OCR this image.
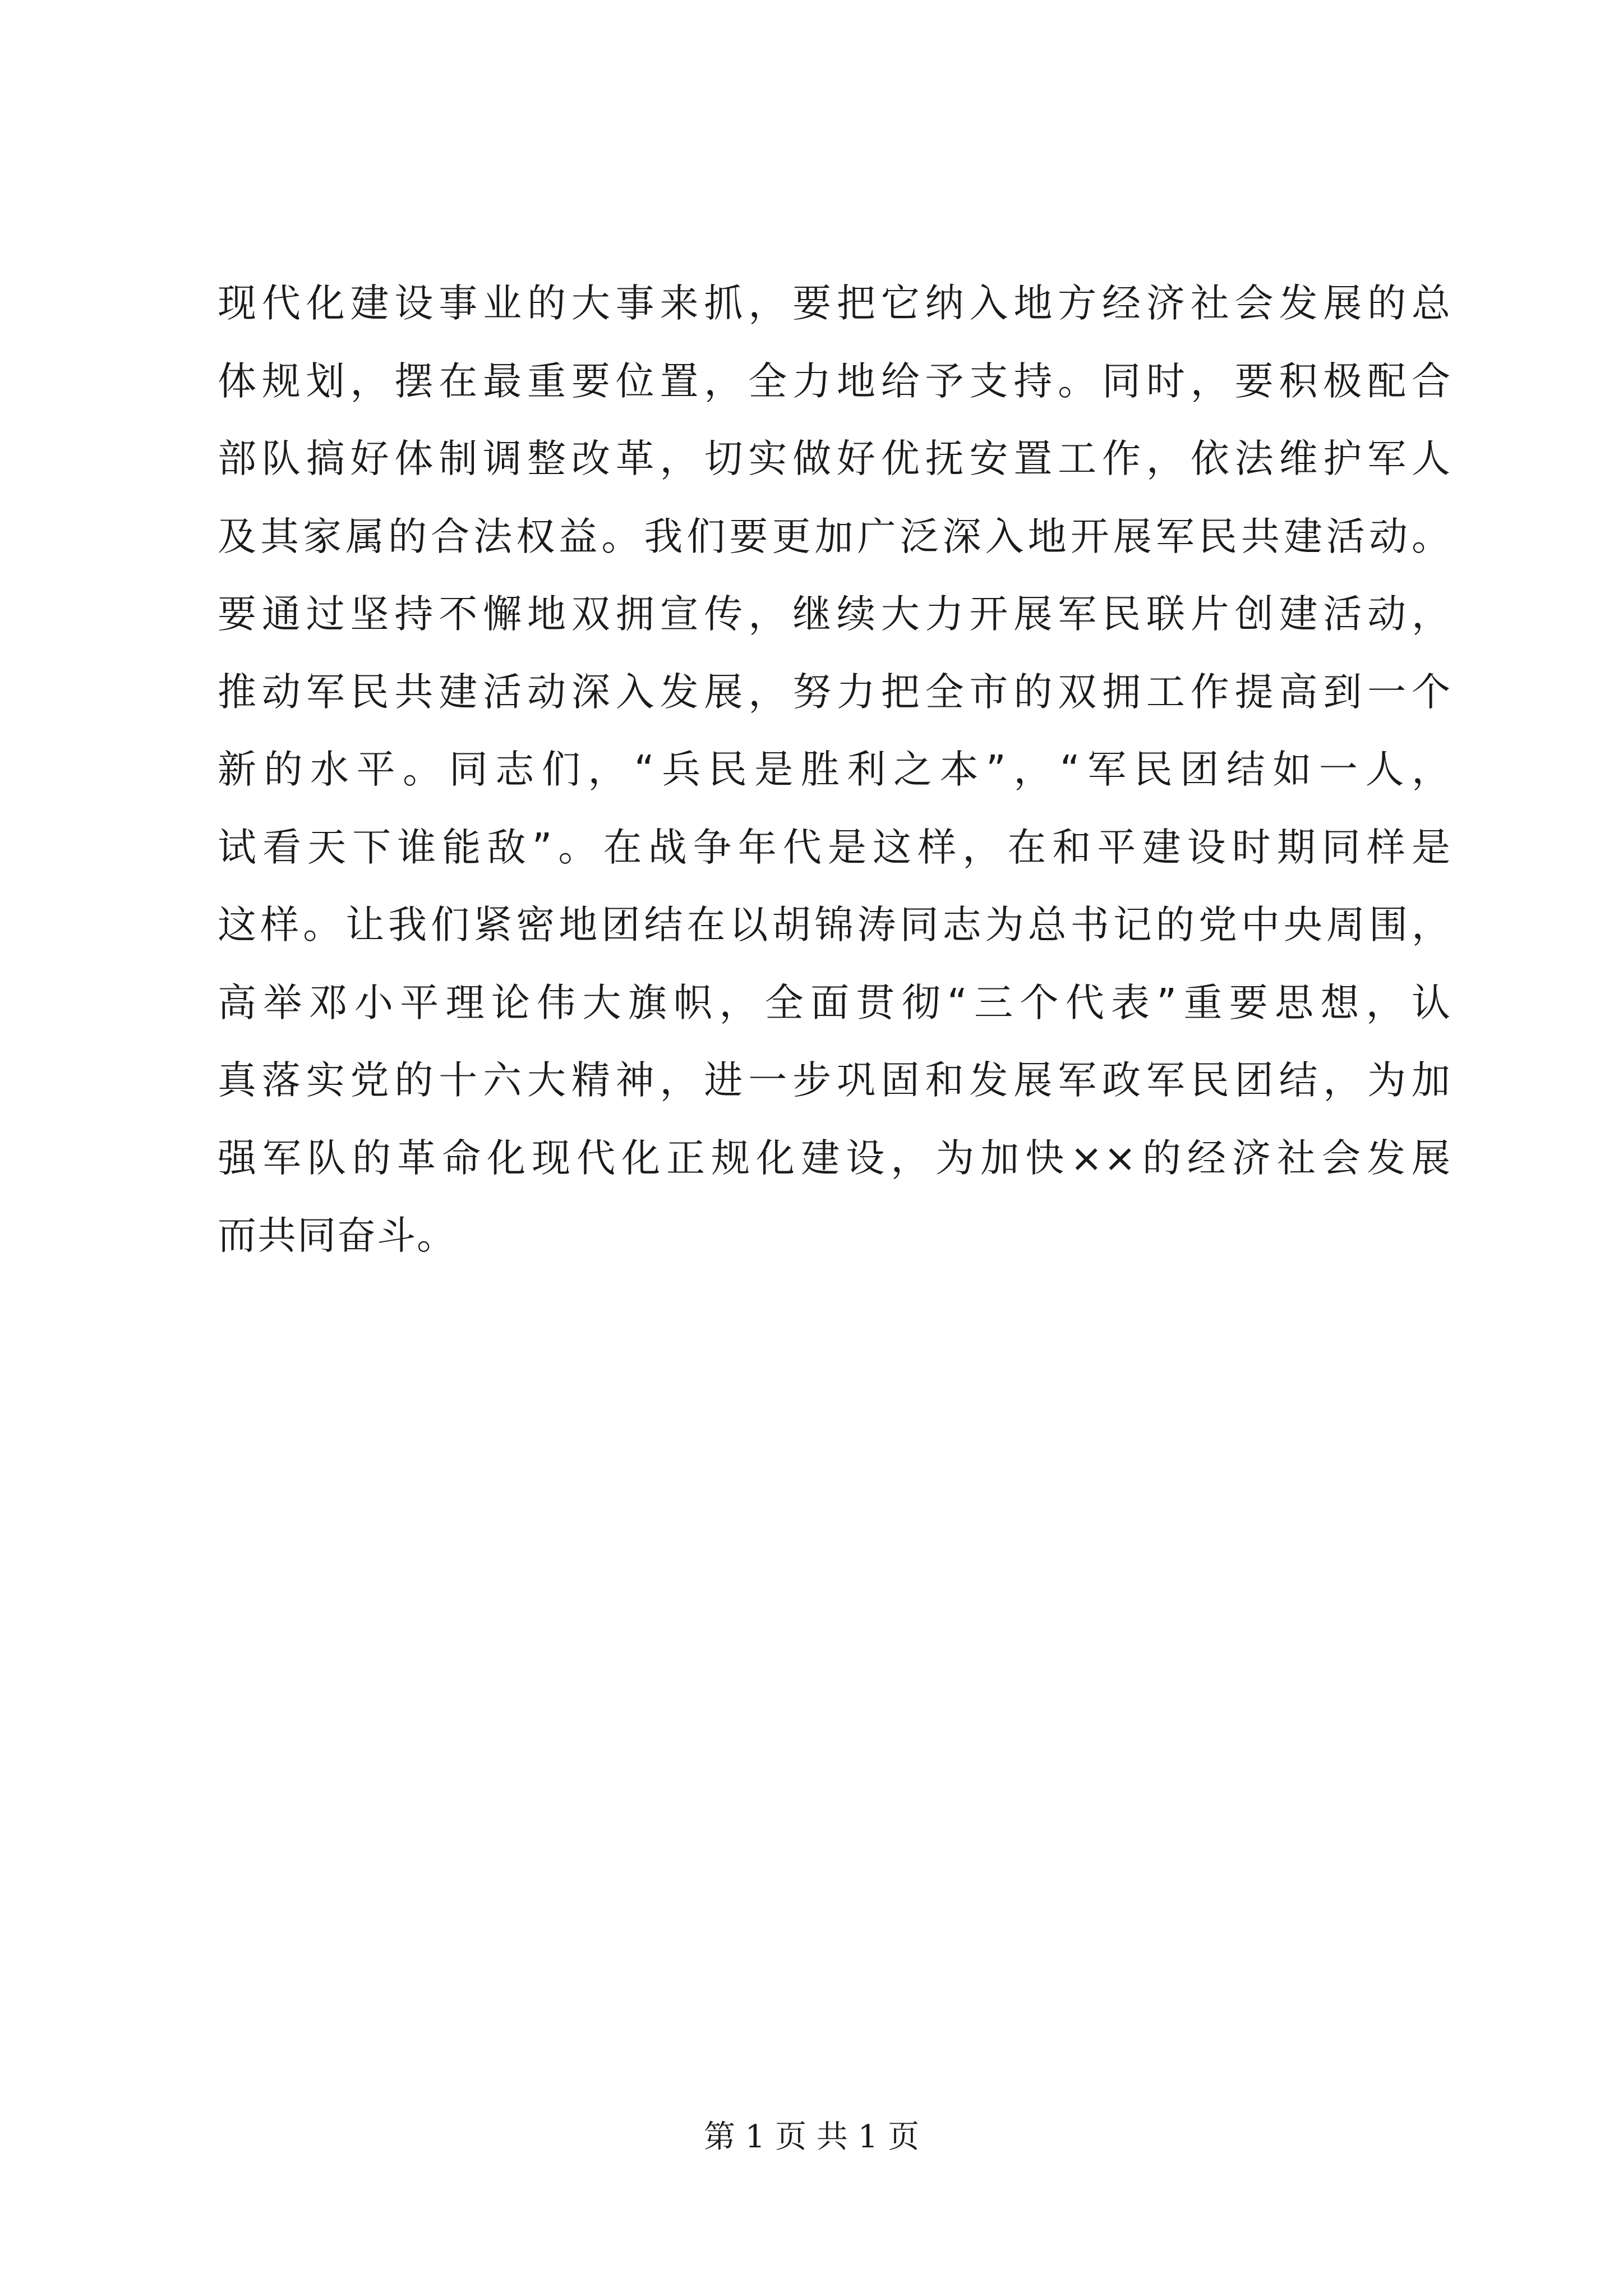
现代化建设事业的大事来抓，要把它纳入地方经济社会发展的总
体规划，摆在最重要位置，全力地给予支持。同时，要积极配合
部队搞好体制调整改革，切实做好优抚安置工作，依法维护军人
及其家属的合法权益。我们要更加广泛深入地开展军民共建活动。
要通过坚持不懈地双拥宣传，继续大力开展军民联片创建活动，
推动军民共建活动深入发展，努力把全市的双拥工作提高到一个
新的水平。同志们，“兵民是胜利之本”，“军民团结如一人，
试看天下谁能敌”。在战争年代是这样，在和平建设时期同样是
这样。让我们紧密地团结在以胡锦涛同志为总书记的党中央周围，
高举邓小平理论伟大旗帜，全面贯彻“三个代表”重要思想，认
真落实党的十六大精神，进一步巩固和发展军政军民团结，为加
强军队的革命化现代化正规化建设，为加快××的经济社会发展
而共同奋斗。
第 1 页 共 1 页
